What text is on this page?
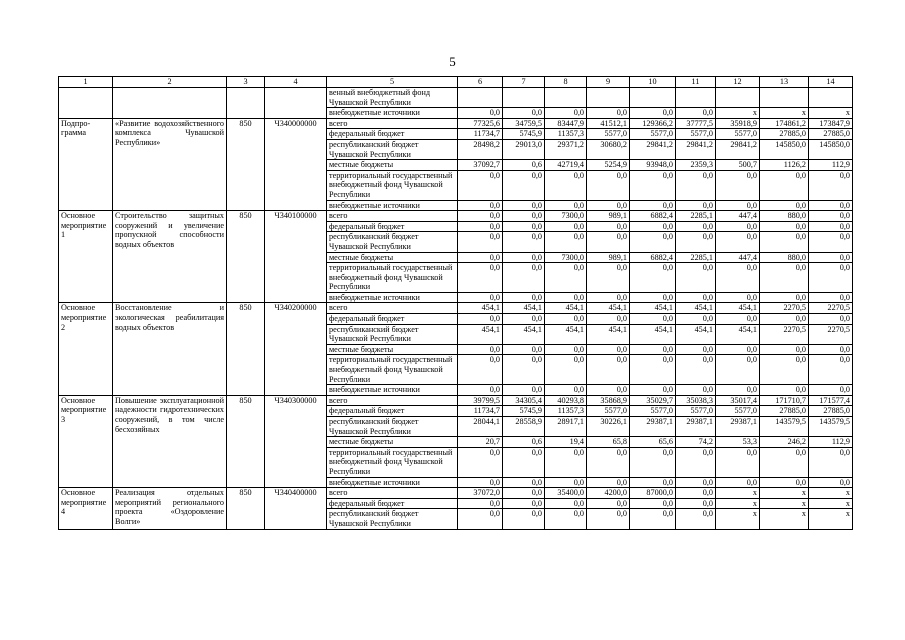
5
1	2	3	4	5	6	7	8	9	10	11	12	13	14
				венный внебюджетный фонд Чувашской Республики									
				внебюджетные источники	0,0	0,0	0,0	0,0	0,0	0,0	x	x	x
Подпро-грамма	«Развитие водохозяйственного комплекса Чувашской Республики»	850	Ч340000000	всего	77325,6	34759,5	83447,9	41512,1	129366,2	37777,5	35918,9	174861,2	173847,9
				федеральный бюджет	11734,7	5745,9	11357,3	5577,0	5577,0	5577,0	5577,0	27885,0	27885,0
				республиканский бюджет Чувашской Республики	28498,2	29013,0	29371,2	30680,2	29841,2	29841,2	29841,2	145850,0	145850,0
				местные бюджеты	37092,7	0,6	42719,4	5254,9	93948,0	2359,3	500,7	1126,2	112,9
				территориальный государственный внебюджетный фонд Чувашской Республики	0,0	0,0	0,0	0,0	0,0	0,0	0,0	0,0	0,0
				внебюджетные источники	0,0	0,0	0,0	0,0	0,0	0,0	0,0	0,0	0,0
Основное мероприятие 1	Строительство защитных сооружений и увеличение пропускной способности водных объектов	850	Ч340100000	всего	0,0	0,0	7300,0	989,1	6882,4	2285,1	447,4	880,0	0,0
				федеральный бюджет	0,0	0,0	0,0	0,0	0,0	0,0	0,0	0,0	0,0
				республиканский бюджет Чувашской Республики	0,0	0,0	0,0	0,0	0,0	0,0	0,0	0,0	0,0
				местные бюджеты	0,0	0,0	7300,0	989,1	6882,4	2285,1	447,4	880,0	0,0
				территориальный государственный внебюджетный фонд Чувашской Республики	0,0	0,0	0,0	0,0	0,0	0,0	0,0	0,0	0,0
				внебюджетные источники	0,0	0,0	0,0	0,0	0,0	0,0	0,0	0,0	0,0
Основное мероприятие 2	Восстановление и экологическая реабилитация водных объектов	850	Ч340200000	всего	454,1	454,1	454,1	454,1	454,1	454,1	454,1	2270,5	2270,5
				федеральный бюджет	0,0	0,0	0,0	0,0	0,0	0,0	0,0	0,0	0,0
				республиканский бюджет Чувашской Республики	454,1	454,1	454,1	454,1	454,1	454,1	454,1	2270,5	2270,5
				местные бюджеты	0,0	0,0	0,0	0,0	0,0	0,0	0,0	0,0	0,0
				территориальный государственный внебюджетный фонд Чувашской Республики	0,0	0,0	0,0	0,0	0,0	0,0	0,0	0,0	0,0
				внебюджетные источники	0,0	0,0	0,0	0,0	0,0	0,0	0,0	0,0	0,0
Основное мероприятие 3	Повышение эксплуатационной надежности гидротехнических сооружений, в том числе бесхозяйных	850	Ч340300000	всего	39799,5	34305,4	40293,8	35868,9	35029,7	35038,3	35017,4	171710,7	171577,4
				федеральный бюджет	11734,7	5745,9	11357,3	5577,0	5577,0	5577,0	5577,0	27885,0	27885,0
				республиканский бюджет Чувашской Республики	28044,1	28558,9	28917,1	30226,1	29387,1	29387,1	29387,1	143579,5	143579,5
				местные бюджеты	20,7	0,6	19,4	65,8	65,6	74,2	53,3	246,2	112,9
				территориальный государственный внебюджетный фонд Чувашской Республики	0,0	0,0	0,0	0,0	0,0	0,0	0,0	0,0	0,0
				внебюджетные источники	0,0	0,0	0,0	0,0	0,0	0,0	0,0	0,0	0,0
Основное мероприятие 4	Реализация отдельных мероприятий регионального проекта «Оздоровление Волги»	850	Ч340400000	всего	37072,0	0,0	35400,0	4200,0	87000,0	0,0	x	x	x
				федеральный бюджет	0,0	0,0	0,0	0,0	0,0	0,0	x	x	x
				республиканский бюджет Чувашской Республики	0,0	0,0	0,0	0,0	0,0	0,0	x	x	x
